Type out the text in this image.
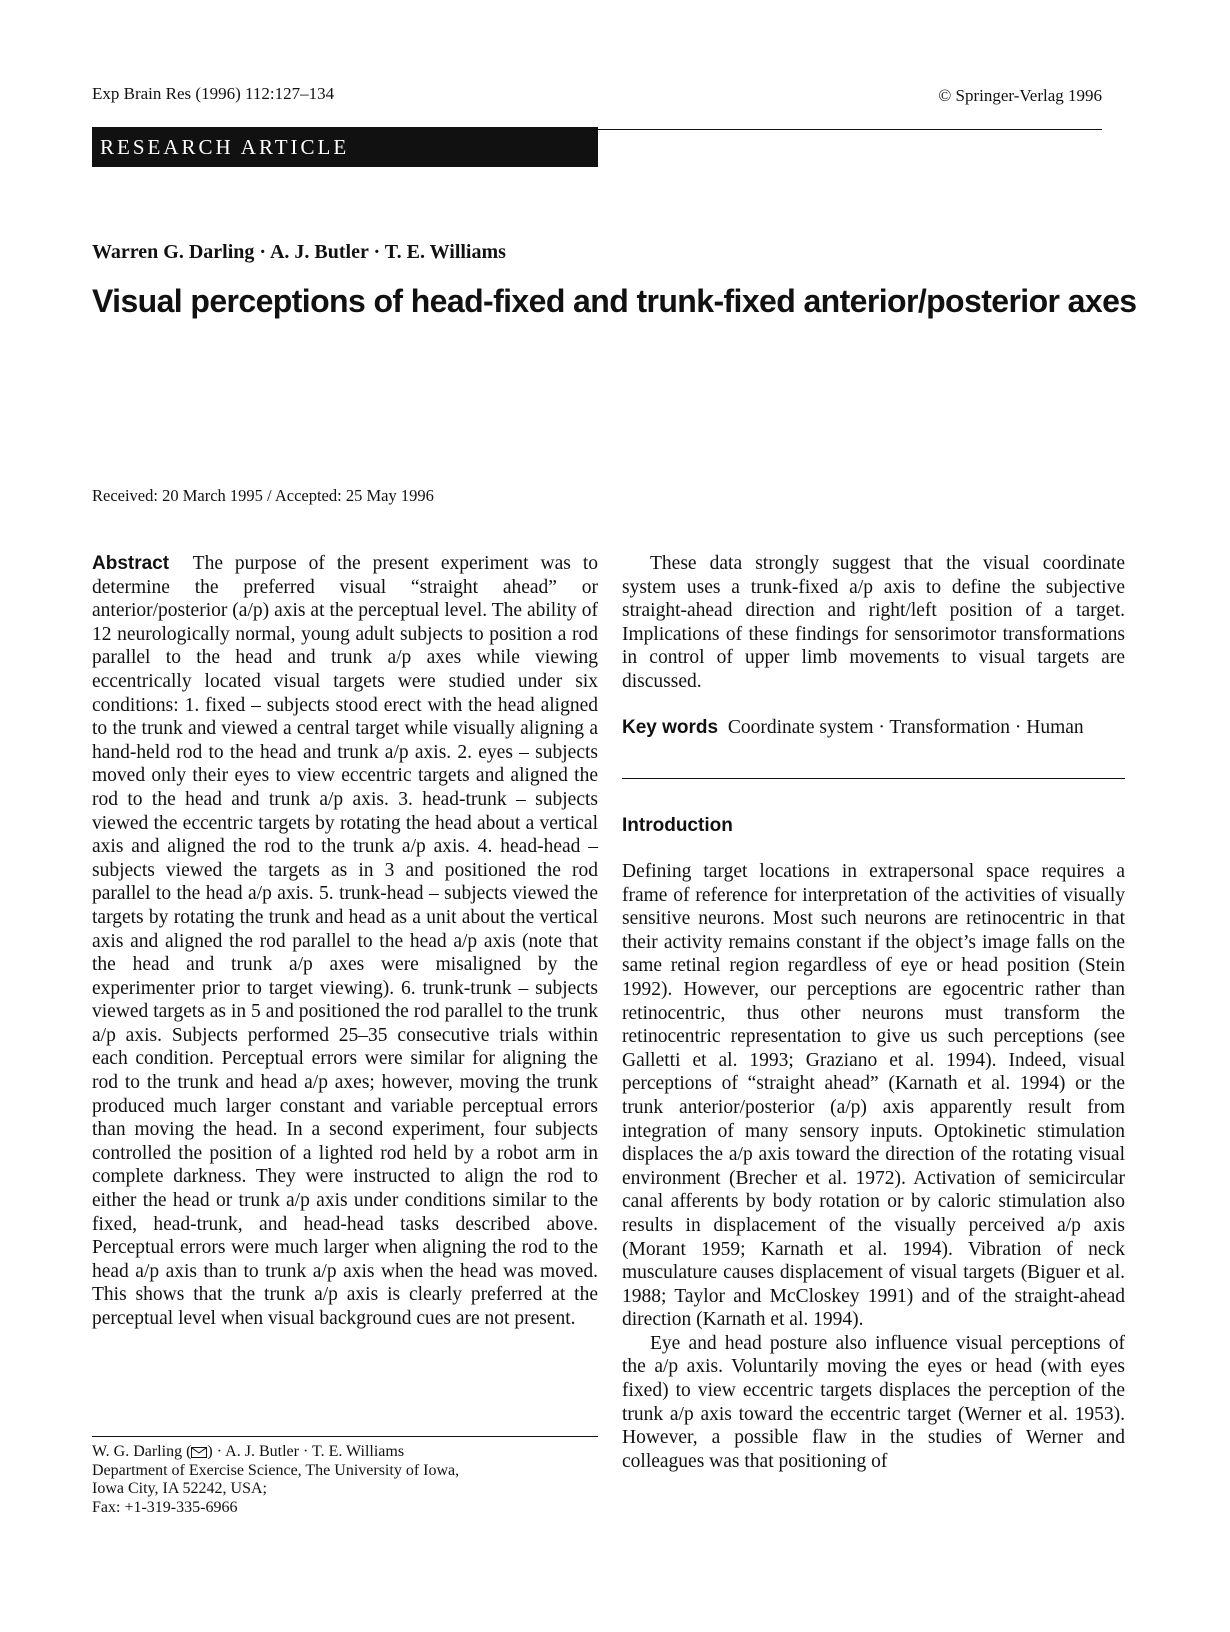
Exp Brain Res (1996) 112:127–134	© Springer-Verlag 1996
RESEARCH ARTICLE
Warren G. Darling · A. J. Butler · T. E. Williams
Visual perceptions of head-fixed and trunk-fixed anterior/posterior axes
Received: 20 March 1995 / Accepted: 25 May 1996

Abstract The purpose of the present experiment was to determine the preferred visual “straight ahead” or anterior/posterior (a/p) axis at the perceptual level. The ability of 12 neurologically normal, young adult subjects to position a rod parallel to the head and trunk a/p axes while viewing eccentrically located visual targets were studied under six conditions: 1. fixed – subjects stood erect with the head aligned to the trunk and viewed a central target while visually aligning a hand-held rod to the head and trunk a/p axis. 2. eyes – subjects moved only their eyes to view eccentric targets and aligned the rod to the head and trunk a/p axis. 3. head-trunk – subjects viewed the eccentric targets by rotating the head about a vertical axis and aligned the rod to the trunk a/p axis. 4. head-head – subjects viewed the targets as in 3 and positioned the rod parallel to the head a/p axis. 5. trunk-head – subjects viewed the targets by rotating the trunk and head as a unit about the vertical axis and aligned the rod parallel to the head a/p axis (note that the head and trunk a/p axes were misaligned by the experimenter prior to target viewing). 6. trunk-trunk – subjects viewed targets as in 5 and positioned the rod parallel to the trunk a/p axis. Subjects performed 25–35 consecutive trials within each condition. Perceptual errors were similar for aligning the rod to the trunk and head a/p axes; however, moving the trunk produced much larger constant and variable perceptual errors than moving the head. In a second experiment, four subjects controlled the position of a lighted rod held by a robot arm in complete darkness. They were instructed to align the rod to either the head or trunk a/p axis under conditions similar to the fixed, head-trunk, and head-head tasks described above. Perceptual errors were much larger when aligning the rod to the head a/p axis than to trunk a/p axis when the head was moved. This shows that the trunk a/p axis is clearly preferred at the perceptual level when visual background cues are not present.

W. G. Darling ( ) · A. J. Butler · T. E. Williams
Department of Exercise Science, The University of Iowa,
Iowa City, IA 52242, USA;
Fax: +1-319-335-6966

These data strongly suggest that the visual coordinate system uses a trunk-fixed a/p axis to define the subjective straight-ahead direction and right/left position of a target. Implications of these findings for sensorimotor transformations in control of upper limb movements to visual targets are discussed.

Key words Coordinate system · Transformation · Human

Introduction

Defining target locations in extrapersonal space requires a frame of reference for interpretation of the activities of visually sensitive neurons. Most such neurons are retinocentric in that their activity remains constant if the object’s image falls on the same retinal region regardless of eye or head position (Stein 1992). However, our perceptions are egocentric rather than retinocentric, thus other neurons must transform the retinocentric representation to give us such perceptions (see Galletti et al. 1993; Graziano et al. 1994). Indeed, visual perceptions of “straight ahead” (Karnath et al. 1994) or the trunk anterior/posterior (a/p) axis apparently result from integration of many sensory inputs. Optokinetic stimulation displaces the a/p axis toward the direction of the rotating visual environment (Brecher et al. 1972). Activation of semicircular canal afferents by body rotation or by caloric stimulation also results in displacement of the visually perceived a/p axis (Morant 1959; Karnath et al. 1994). Vibration of neck musculature causes displacement of visual targets (Biguer et al. 1988; Taylor and McCloskey 1991) and of the straight-ahead direction (Karnath et al. 1994).

Eye and head posture also influence visual perceptions of the a/p axis. Voluntarily moving the eyes or head (with eyes fixed) to view eccentric targets displaces the perception of the trunk a/p axis toward the eccentric target (Werner et al. 1953). However, a possible flaw in the studies of Werner and colleagues was that positioning of
